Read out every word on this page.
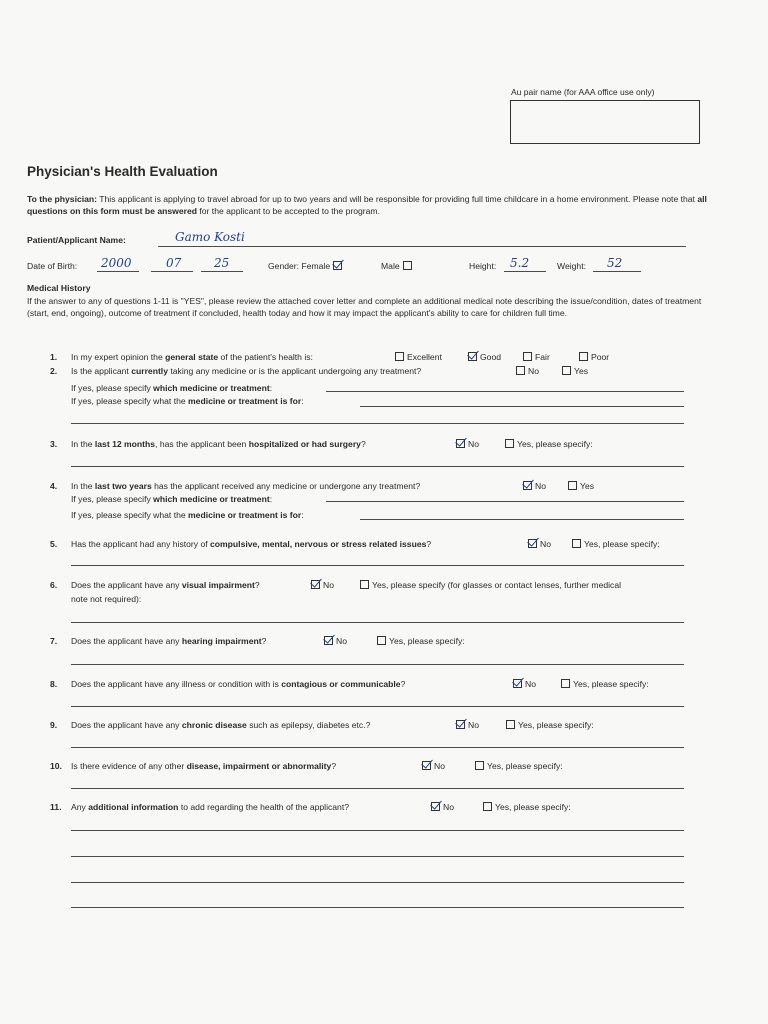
Au pair name (for AAA office use only)
Physician's Health Evaluation
To the physician: This applicant is applying to travel abroad for up to two years and will be responsible for providing full time childcare in a home environment. Please note that all questions on this form must be answered for the applicant to be accepted to the program.
Patient/Applicant Name:	Gamo Kosti
Date of Birth: 2000	07	25	Gender: Female	Male	Height: 5.2	Weight: 52
Medical History
If the answer to any of questions 1-11 is "YES", please review the attached cover letter and complete an additional medical note describing the issue/condition, dates of treatment (start, end, ongoing), outcome of treatment if concluded, health today and how it may impact the applicant's ability to care for children full time.
1. In my expert opinion the general state of the patient's health is:	Excellent	Good	Fair	Poor
2. Is the applicant currently taking any medicine or is the applicant undergoing any treatment?	No	Yes
If yes, please specify which medicine or treatment:
If yes, please specify what the medicine or treatment is for:
3. In the last 12 months, has the applicant been hospitalized or had surgery?	No	Yes, please specify:
4. In the last two years has the applicant received any medicine or undergone any treatment?	No	Yes
If yes, please specify which medicine or treatment:
If yes, please specify what the medicine or treatment is for:
5. Has the applicant had any history of compulsive, mental, nervous or stress related issues?	No	Yes, please specify:
6. Does the applicant have any visual impairment?	No	Yes, please specify (for glasses or contact lenses, further medical
note not required):
7. Does the applicant have any hearing impairment?	No	Yes, please specify:
8. Does the applicant have any illness or condition with is contagious or communicable?	No	Yes, please specify:
9. Does the applicant have any chronic disease such as epilepsy, diabetes etc.?	No	Yes, please specify:
10. Is there evidence of any other disease, impairment or abnormality?	No	Yes, please specify:
11. Any additional information to add regarding the health of the applicant?	No	Yes, please specify:
